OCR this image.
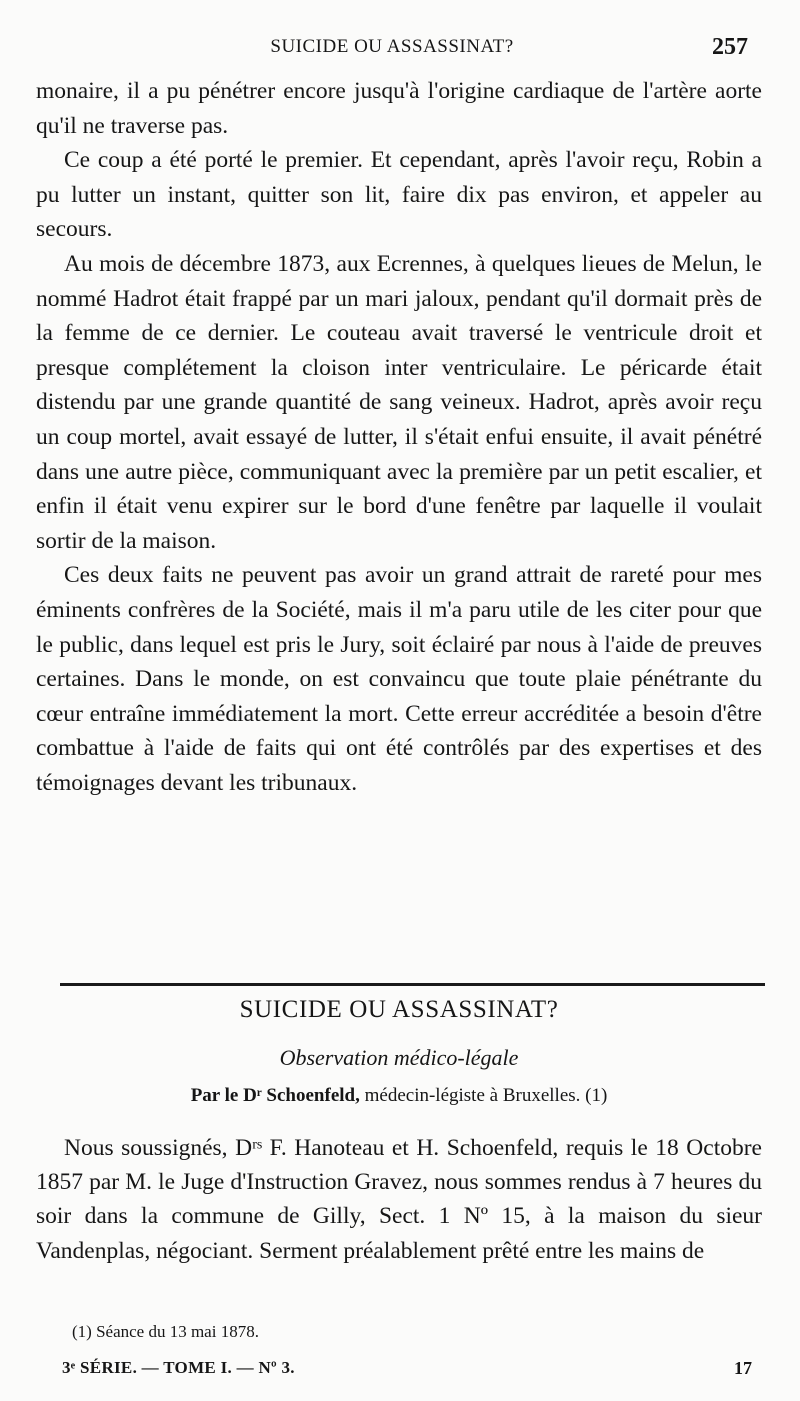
SUICIDE OU ASSASSINAT?	257

monaire, il a pu pénétrer encore jusqu'à l'origine cardiaque de l'artère aorte qu'il ne traverse pas.

Ce coup a été porté le premier. Et cependant, après l'avoir reçu, Robin a pu lutter un instant, quitter son lit, faire dix pas environ, et appeler au secours.

Au mois de décembre 1873, aux Ecrennes, à quelques lieues de Melun, le nommé Hadrot était frappé par un mari jaloux, pendant qu'il dormait près de la femme de ce dernier. Le couteau avait traversé le ventricule droit et presque complétement la cloison inter ventriculaire. Le péricarde était distendu par une grande quantité de sang veineux. Hadrot, après avoir reçu un coup mortel, avait essayé de lutter, il s'était enfui ensuite, il avait pénétré dans une autre pièce, communiquant avec la première par un petit escalier, et enfin il était venu expirer sur le bord d'une fenêtre par laquelle il voulait sortir de la maison.

Ces deux faits ne peuvent pas avoir un grand attrait de rareté pour mes éminents confrères de la Société, mais il m'a paru utile de les citer pour que le public, dans lequel est pris le Jury, soit éclairé par nous à l'aide de preuves certaines. Dans le monde, on est convaincu que toute plaie pénétrante du cœur entraîne immédiatement la mort. Cette erreur accréditée a besoin d'être combattue à l'aide de faits qui ont été contrôlés par des expertises et des témoignages devant les tribunaux.

SUICIDE OU ASSASSINAT?
Observation médico-légale
Par le Dʳ Schoenfeld, médecin-légiste à Bruxelles. (1)

Nous soussignés, Dʳˢ F. Hanoteau et H. Schoenfeld, requis le 18 Octobre 1857 par M. le Juge d'Instruction Gravez, nous sommes rendus à 7 heures du soir dans la commune de Gilly, Sect. 1 Nº 15, à la maison du sieur Vandenplas, négociant. Serment préalablement prêté entre les mains de

(1) Séance du 13 mai 1878.
3ᵉ SÉRIE. — TOME I. — Nº 3.	17
